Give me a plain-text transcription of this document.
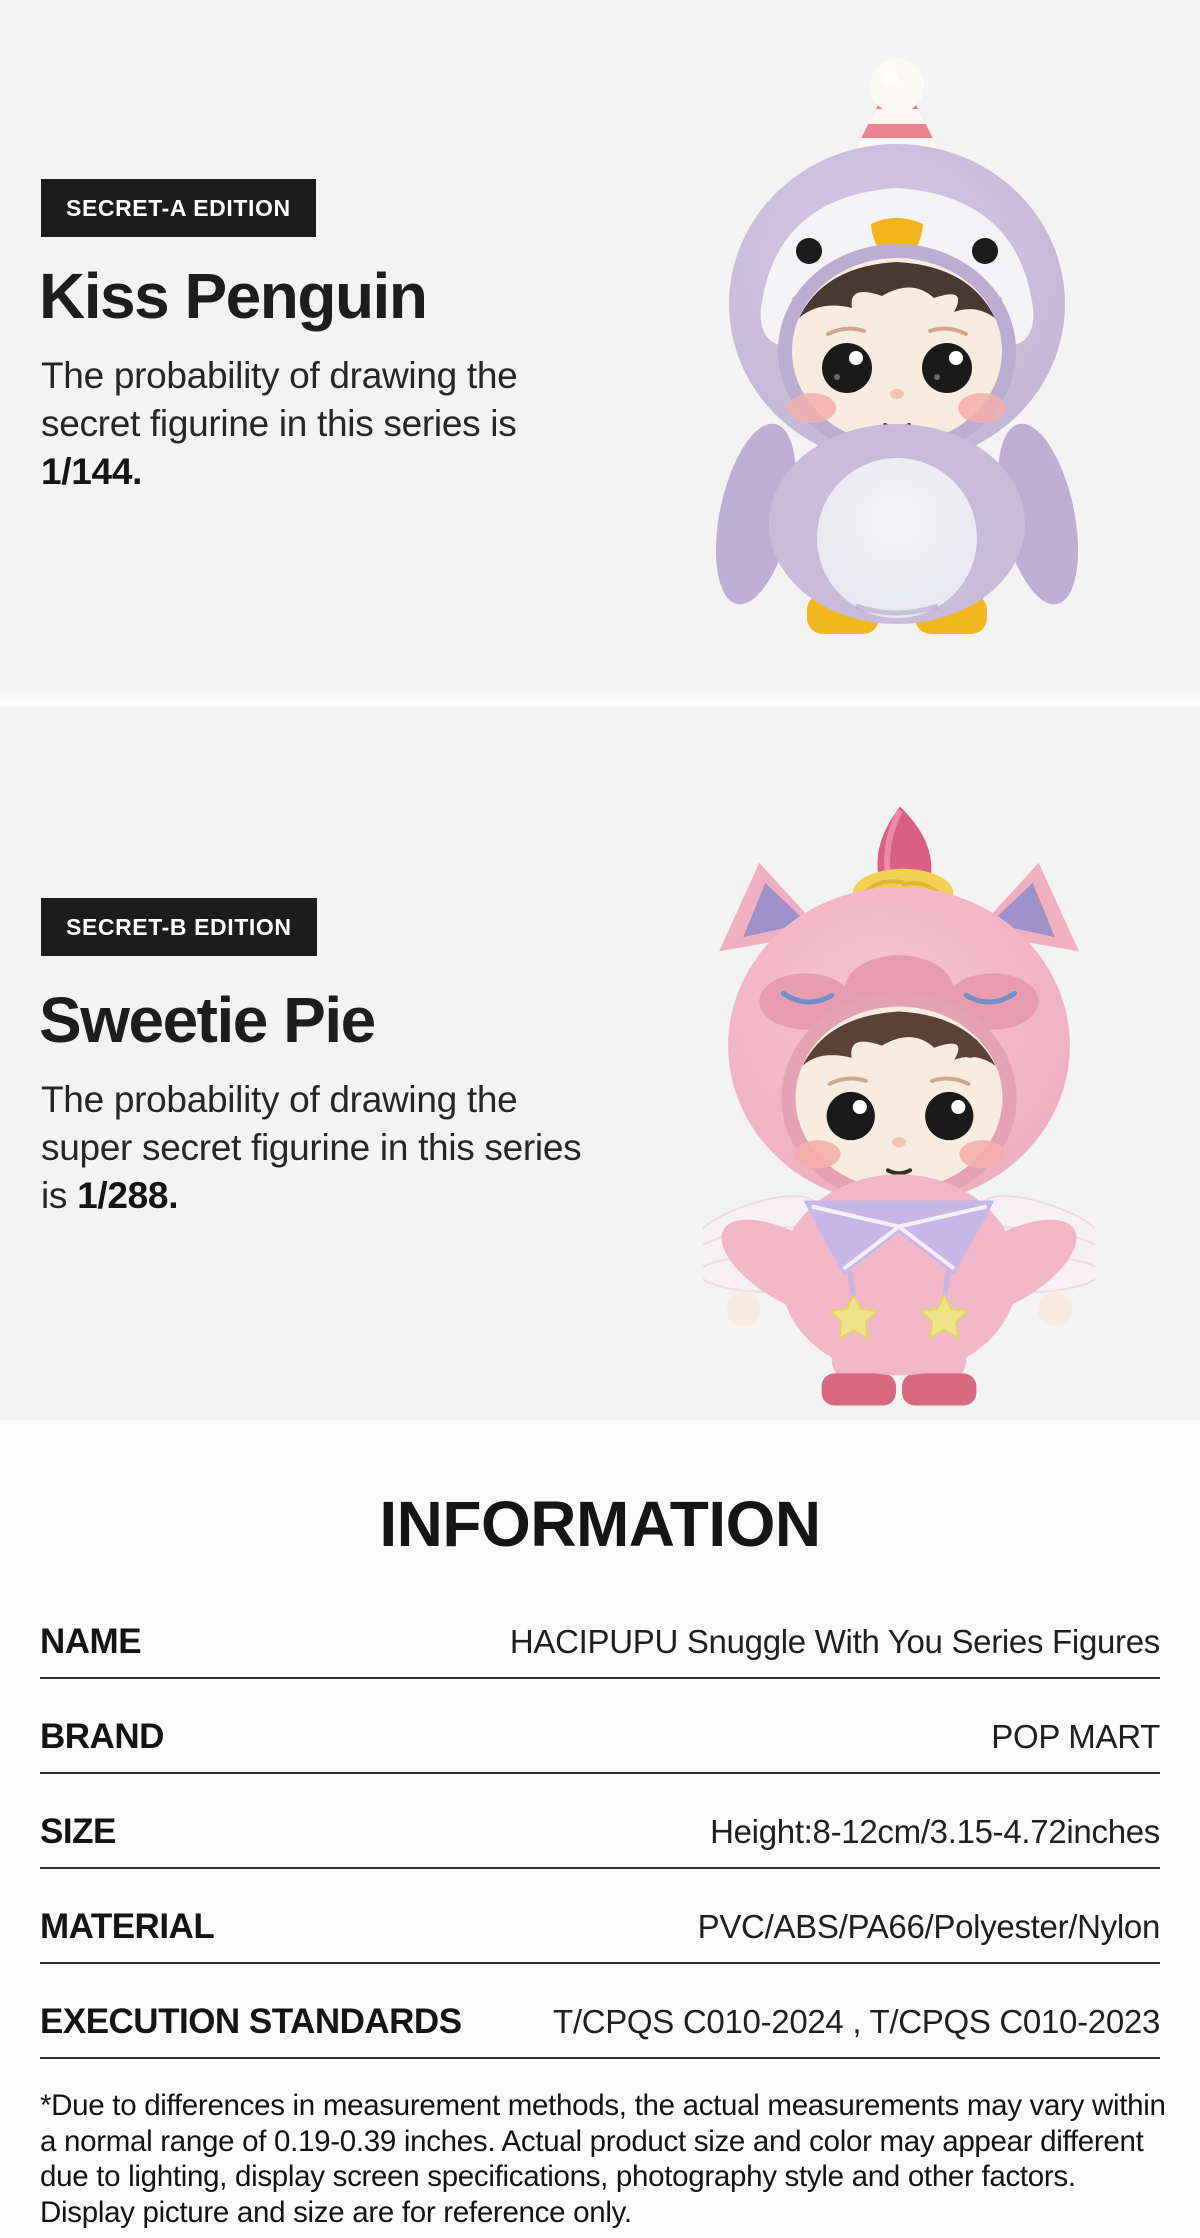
SECRET-A EDITION
Kiss Penguin
The probability of drawing the secret figurine in this series is 1/144.
SECRET-B EDITION
Sweetie Pie
The probability of drawing the super secret figurine in this series is 1/288.
INFORMATION
NAME	HACIPUPU Snuggle With You Series Figures
BRAND	POP MART
SIZE	Height:8-12cm/3.15-4.72inches
MATERIAL	PVC/ABS/PA66/Polyester/Nylon
EXECUTION STANDARDS	T/CPQS C010-2024 , T/CPQS C010-2023
*Due to differences in measurement methods, the actual measurements may vary within a normal range of 0.19-0.39 inches. Actual product size and color may appear different due to lighting, display screen specifications, photography style and other factors. Display picture and size are for reference only.
